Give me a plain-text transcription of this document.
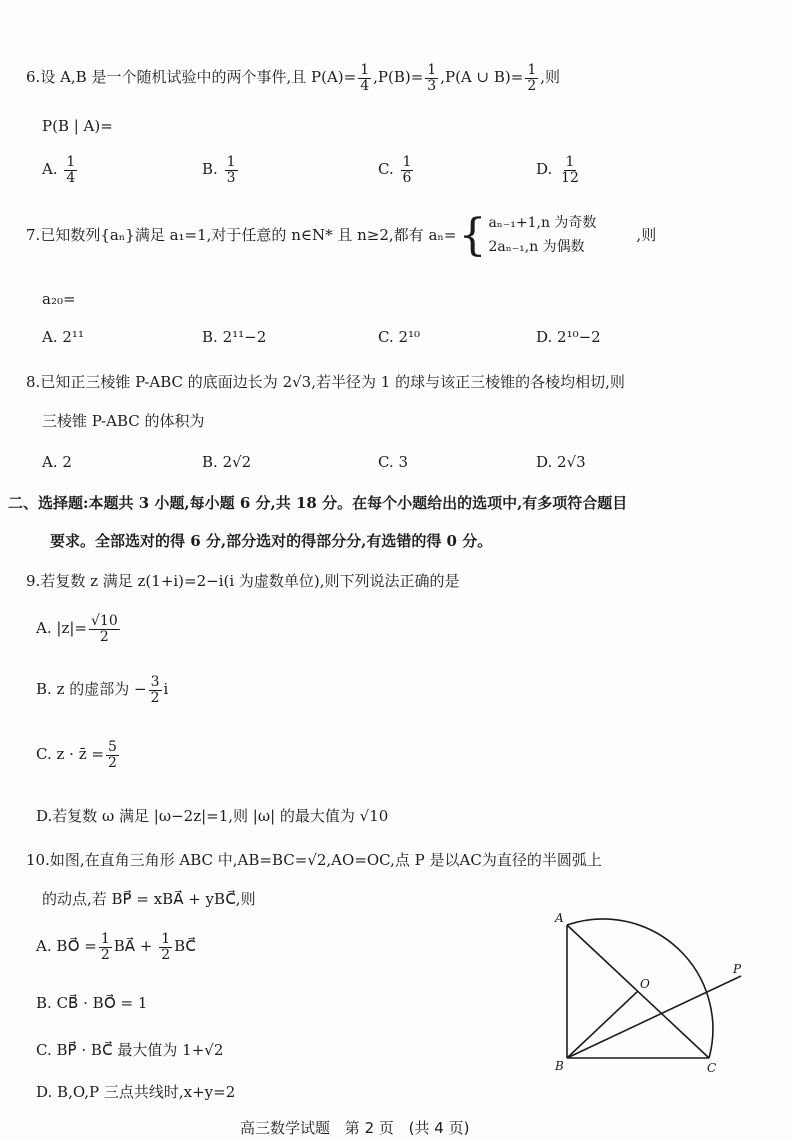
6.设 A,B 是一个随机试验中的两个事件,且 $P(A)= \frac{1}{4} ,P(B)= \frac{1}{3} ,P(A$ ∪ $B)= \frac{1}{2}$ ,则
P(B | A)=
A. $\frac{1}{4}$	B. $\frac{1}{3}$	C. $\frac{1}{6}$	D. $\frac{1}{12}$
7.已知数列{aₙ}满足 a₁=1,对于任意的 n∈N* 且 n≥2,都有 aₙ={ aₙ₋₁+1,n 为奇数
2aₙ₋₁,n 为偶数
,则
a₂₀=
A. 2¹¹	B. 2¹¹−2	C. 2¹⁰	D. 2¹⁰−2
8.已知正三棱锥 P-ABC 的底面边长为 2√3,若半径为 1 的球与该正三棱锥的各棱均相切,则
三棱锥 P-ABC 的体积为
A. 2	B. 2√2	C. 3	D. 2√3
二、选择题:本题共 3 小题,每小题 6 分,共 18 分。在每个小题给出的选项中,有多项符合题目
要求。全部选对的得 6 分,部分选对的得部分分,有选错的得 0 分。
9.若复数 z 满足 z(1+i)=2−i(i 为虚数单位),则下列说法正确的是
A. $|z|= \frac{√10}{2}$
B. z 的虚部为 − $\frac{3}{2}$ i
C. z · z̄ = $\frac{5}{2}$
D.若复数 ω 满足 |ω−2z|=1,则 |ω| 的最大值为 √10
10.如图,在直角三角形 ABC 中,AB=BC=√2,AO=OC,点 P 是以AC为直径的半圆弧上
的动点,若 BP⃗ = xBA⃗ + yBC⃗,则
A. BO⃗ = $\frac{1}{2}$ BA⃗ + $\frac{1}{2}$ BC⃗
B. CB⃗ · BO⃗ = 1
C. BP⃗ · BC⃗ 最大值为 1+√2
D. B,O,P 三点共线时,x+y=2
A
B	C
O
P
高三数学试题 第 2 页 (共 4 页)
